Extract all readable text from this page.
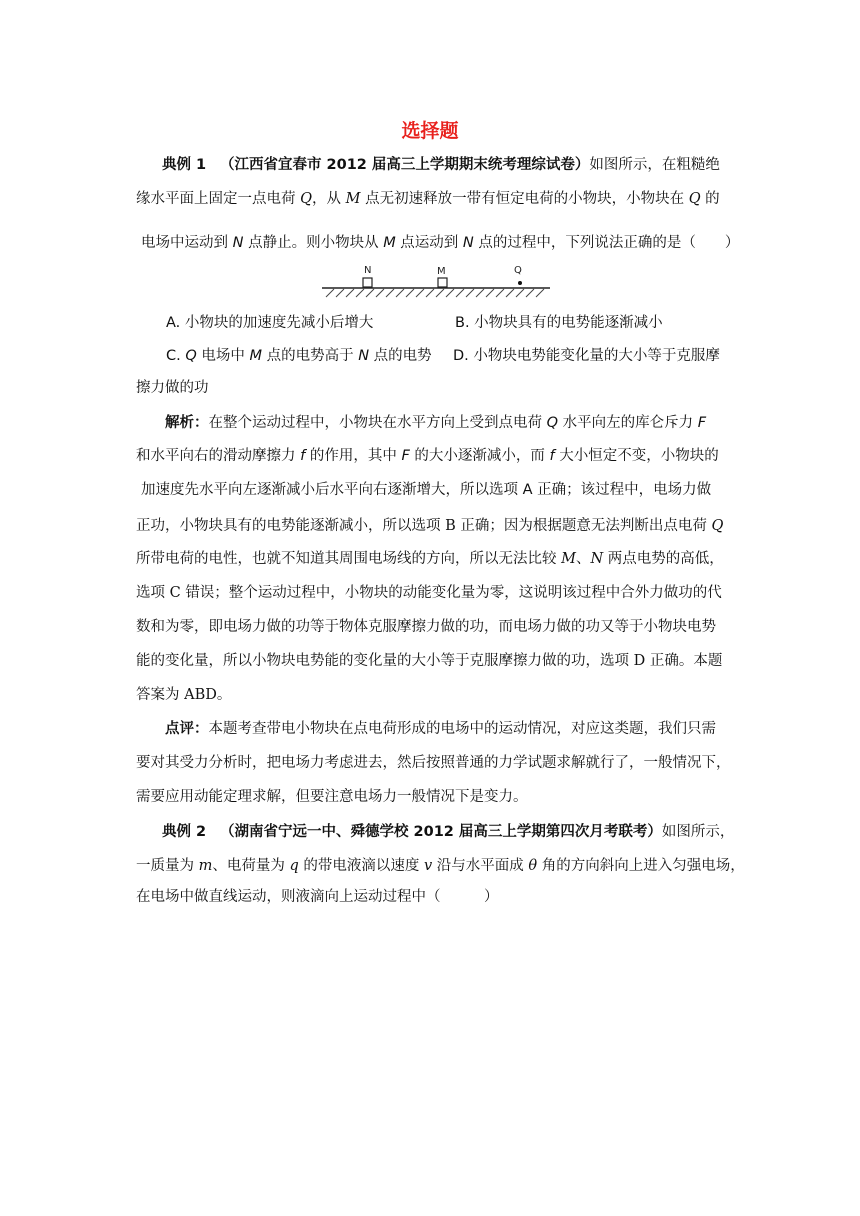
选择题
典例 1 （江西省宜春市 2012 届高三上学期期末统考理综试卷）如图所示，在粗糙绝
缘水平面上固定一点电荷 Q，从 M 点无初速释放一带有恒定电荷的小物块，小物块在 Q 的
电场中运动到 N 点静止。则小物块从 M 点运动到 N 点的过程中，下列说法正确的是（　　）
N	M	Q
A. 小物块的加速度先减小后增大	B. 小物块具有的电势能逐渐减小
C. Q 电场中 M 点的电势高于 N 点的电势 D. 小物块电势能变化量的大小等于克服摩
擦力做的功
解析：在整个运动过程中，小物块在水平方向上受到点电荷 Q 水平向左的库仑斥力 F
和水平向右的滑动摩擦力 f 的作用，其中 F 的大小逐渐减小，而 f 大小恒定不变，小物块的
加速度先水平向左逐渐减小后水平向右逐渐增大，所以选项 A 正确；该过程中，电场力做
正功，小物块具有的电势能逐渐减小，所以选项 B 正确；因为根据题意无法判断出点电荷 Q
所带电荷的电性，也就不知道其周围电场线的方向，所以无法比较 M、N 两点电势的高低，
选项 C 错误；整个运动过程中，小物块的动能变化量为零，这说明该过程中合外力做功的代
数和为零，即电场力做的功等于物体克服摩擦力做的功，而电场力做的功又等于小物块电势
能的变化量，所以小物块电势能的变化量的大小等于克服摩擦力做的功，选项 D 正确。本题
答案为 ABD。
点评：本题考查带电小物块在点电荷形成的电场中的运动情况，对应这类题，我们只需
要对其受力分析时，把电场力考虑进去，然后按照普通的力学试题求解就行了，一般情况下，
需要应用动能定理求解，但要注意电场力一般情况下是变力。
典例 2 （湖南省宁远一中、舜德学校 2012 届高三上学期第四次月考联考）如图所示，
一质量为 m、电荷量为 q 的带电液滴以速度 v 沿与水平面成 θ 角的方向斜向上进入匀强电场，
在电场中做直线运动，则液滴向上运动过程中（　　　）
